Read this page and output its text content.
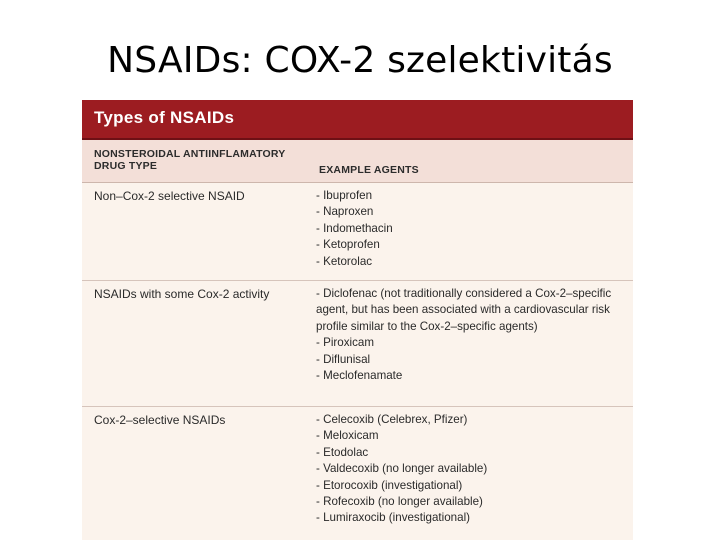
NSAIDs: COX-2 szelektivitás
Types of NSAIDs
NONSTEROIDAL ANTIINFLAMATORY DRUG TYPE	EXAMPLE AGENTS
Non–Cox-2 selective NSAID	- Ibuprofen
- Naproxen
- Indomethacin
- Ketoprofen
- Ketorolac
NSAIDs with some Cox-2 activity	- Diclofenac (not traditionally considered a Cox-2–specific agent, but has been associated with a cardiovascular risk profile similar to the Cox-2–specific agents)
- Piroxicam
- Diflunisal
- Meclofenamate
Cox-2–selective NSAIDs	- Celecoxib (Celebrex, Pfizer)
- Meloxicam
- Etodolac
- Valdecoxib (no longer available)
- Etorocoxib (investigational)
- Rofecoxib (no longer available)
- Lumiraxocib (investigational)
